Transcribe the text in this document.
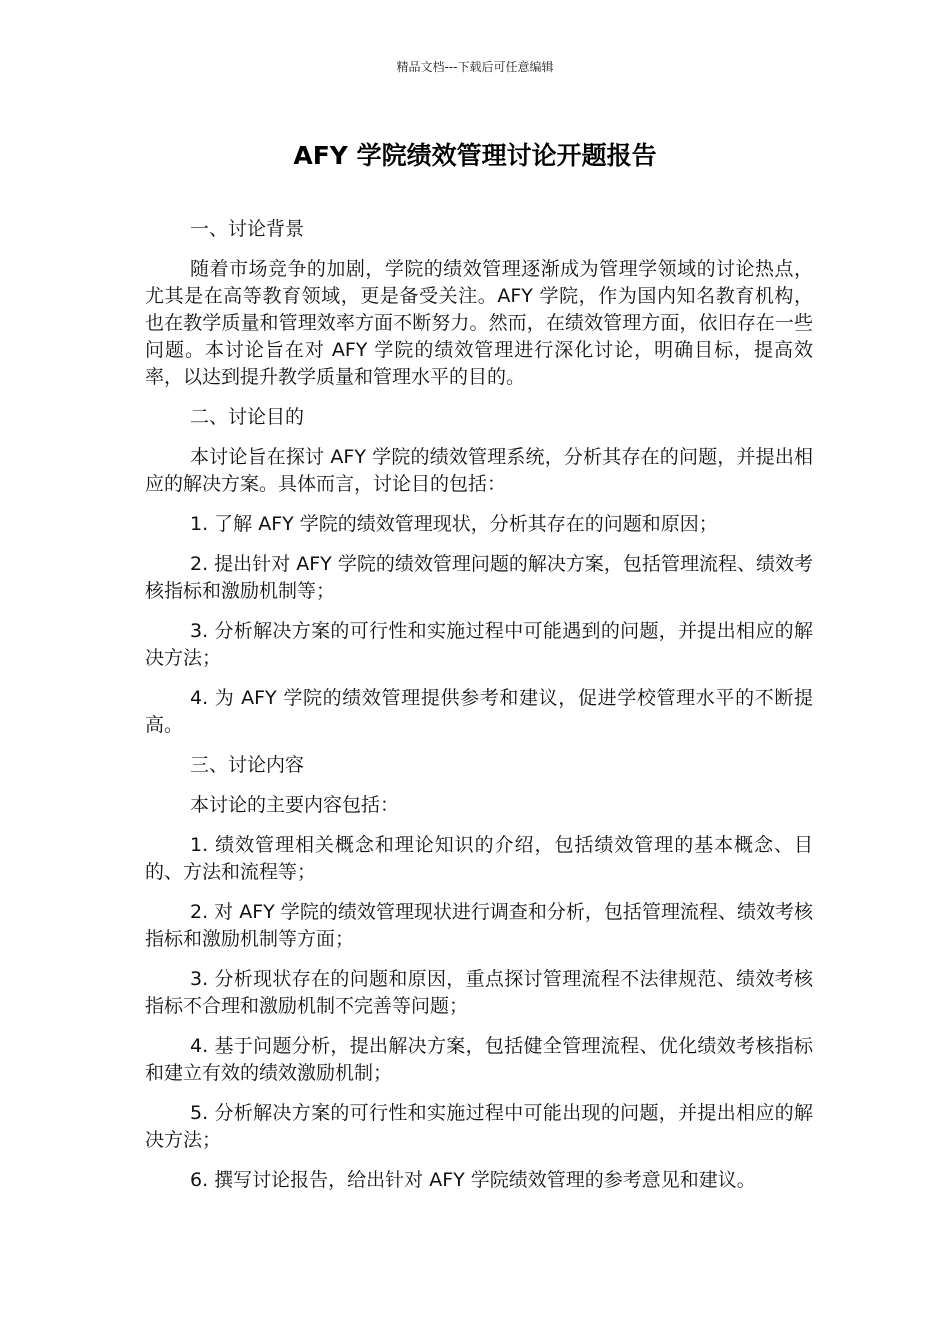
精品文档---下载后可任意编辑
AFY 学院绩效管理讨论开题报告

一、讨论背景

随着市场竞争的加剧，学院的绩效管理逐渐成为管理学领域的讨论热点，尤其是在高等教育领域，更是备受关注。AFY 学院，作为国内知名教育机构，也在教学质量和管理效率方面不断努力。然而，在绩效管理方面，依旧存在一些问题。本讨论旨在对 AFY 学院的绩效管理进行深化讨论，明确目标，提高效率，以达到提升教学质量和管理水平的目的。

二、讨论目的

本讨论旨在探讨 AFY 学院的绩效管理系统，分析其存在的问题，并提出相应的解决方案。具体而言，讨论目的包括：

1. 了解 AFY 学院的绩效管理现状，分析其存在的问题和原因；

2. 提出针对 AFY 学院的绩效管理问题的解决方案，包括管理流程、绩效考核指标和激励机制等；

3. 分析解决方案的可行性和实施过程中可能遇到的问题，并提出相应的解决方法；

4. 为 AFY 学院的绩效管理提供参考和建议，促进学校管理水平的不断提高。

三、讨论内容

本讨论的主要内容包括：

1. 绩效管理相关概念和理论知识的介绍，包括绩效管理的基本概念、目的、方法和流程等；

2. 对 AFY 学院的绩效管理现状进行调查和分析，包括管理流程、绩效考核指标和激励机制等方面；

3. 分析现状存在的问题和原因，重点探讨管理流程不法律规范、绩效考核指标不合理和激励机制不完善等问题；

4. 基于问题分析，提出解决方案，包括健全管理流程、优化绩效考核指标和建立有效的绩效激励机制；

5. 分析解决方案的可行性和实施过程中可能出现的问题，并提出相应的解决方法；

6. 撰写讨论报告，给出针对 AFY 学院绩效管理的参考意见和建议。
